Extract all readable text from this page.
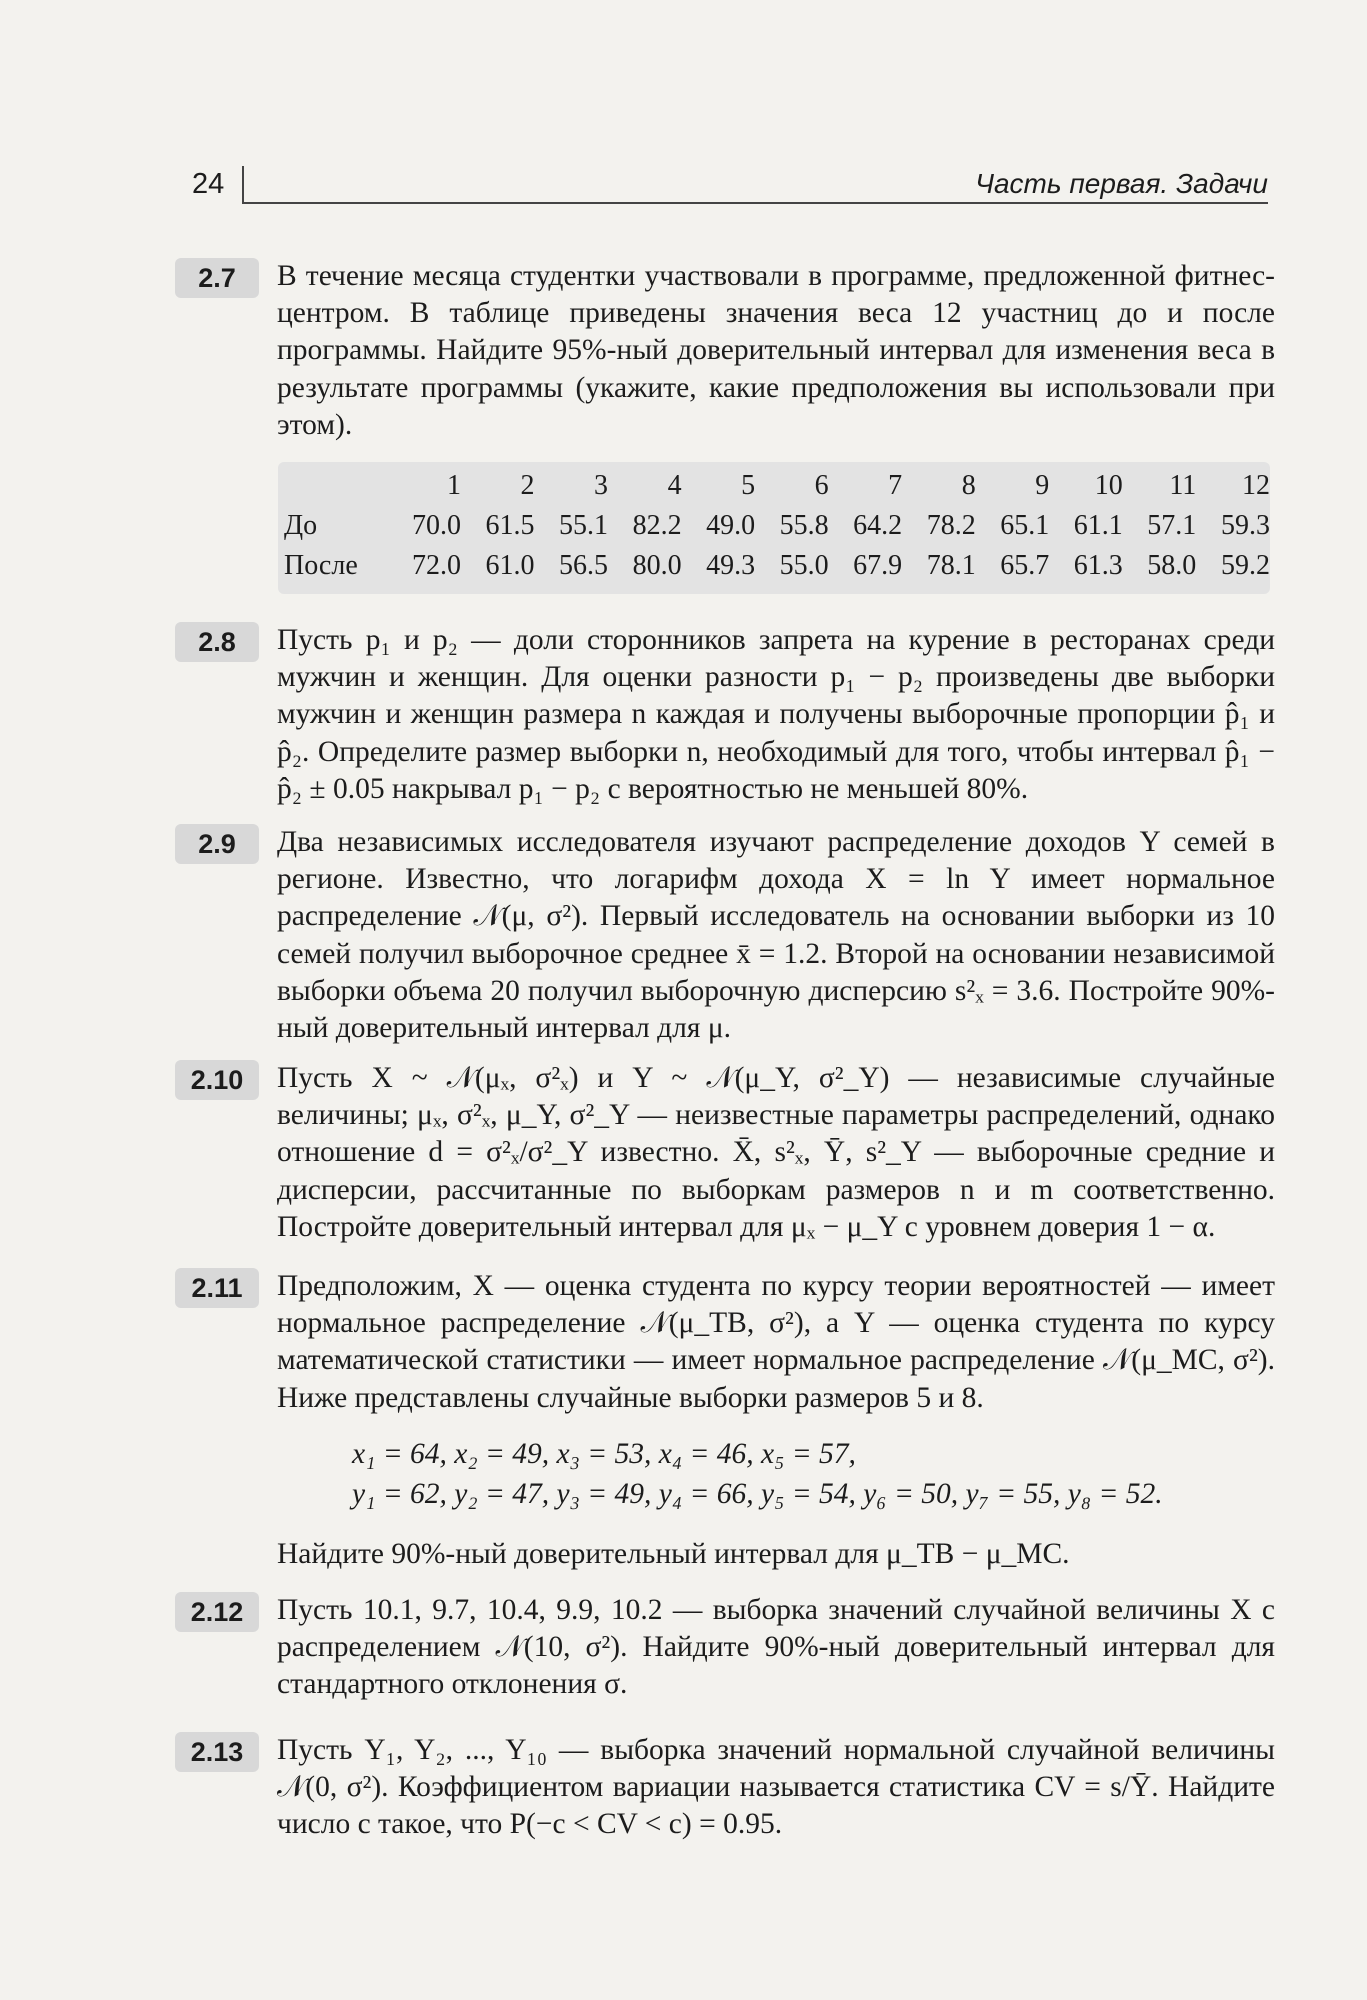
24	Часть первая. Задачи
2.7	В течение месяца студентки участвовали в программе, предложенной фитнес-центром. В таблице приведены значения веса 12 участниц до и после программы. Найдите 95%-ный доверительный интервал для изменения веса в результате программы (укажите, какие предположения вы использовали при этом).
	1	2	3	4	5	6	7	8	9	10	11	12
До	70.0	61.5	55.1	82.2	49.0	55.8	64.2	78.2	65.1	61.1	57.1	59.3
После	72.0	61.0	56.5	80.0	49.3	55.0	67.9	78.1	65.7	61.3	58.0	59.2
2.8	Пусть p₁ и p₂ — доли сторонников запрета на курение в ресторанах среди мужчин и женщин. Для оценки разности p₁ − p₂ произведены две выборки мужчин и женщин размера n каждая и получены выборочные пропорции p̂₁ и p̂₂. Определите размер выборки n, необходимый для того, чтобы интервал p̂₁ − p̂₂ ± 0.05 накрывал p₁ − p₂ с вероятностью не меньшей 80%.
2.9	Два независимых исследователя изучают распределение доходов Y семей в регионе. Известно, что логарифм дохода X = ln Y имеет нормальное распределение 𝒩(μ, σ²). Первый исследователь на основании выборки из 10 семей получил выборочное среднее x̄ = 1.2. Второй на основании независимой выборки объема 20 получил выборочную дисперсию s²ₓ = 3.6. Постройте 90%-ный доверительный интервал для μ.
2.10	Пусть X ~ 𝒩(μₓ, σ²ₓ) и Y ~ 𝒩(μ_Y, σ²_Y) — независимые случайные величины; μₓ, σ²ₓ, μ_Y, σ²_Y — неизвестные параметры распределений, однако отношение d = σ²ₓ/σ²_Y известно. X̄, s²ₓ, Ȳ, s²_Y — выборочные средние и дисперсии, рассчитанные по выборкам размеров n и m соответственно. Постройте доверительный интервал для μₓ − μ_Y с уровнем доверия 1 − α.
2.11	Предположим, X — оценка студента по курсу теории вероятностей — имеет нормальное распределение 𝒩(μ_ТВ, σ²), а Y — оценка студента по курсу математической статистики — имеет нормальное распределение 𝒩(μ_МС, σ²). Ниже представлены случайные выборки размеров 5 и 8.
x₁ = 64, x₂ = 49, x₃ = 53, x₄ = 46, x₅ = 57,
y₁ = 62, y₂ = 47, y₃ = 49, y₄ = 66, y₅ = 54, y₆ = 50, y₇ = 55, y₈ = 52.
Найдите 90%-ный доверительный интервал для μ_ТВ − μ_МС.
2.12	Пусть 10.1, 9.7, 10.4, 9.9, 10.2 — выборка значений случайной величины X с распределением 𝒩(10, σ²). Найдите 90%-ный доверительный интервал для стандартного отклонения σ.
2.13	Пусть Y₁, Y₂, ..., Y₁₀ — выборка значений нормальной случайной величины 𝒩(0, σ²). Коэффициентом вариации называется статистика CV = s/Ȳ. Найдите число c такое, что P(−c < CV < c) = 0.95.
